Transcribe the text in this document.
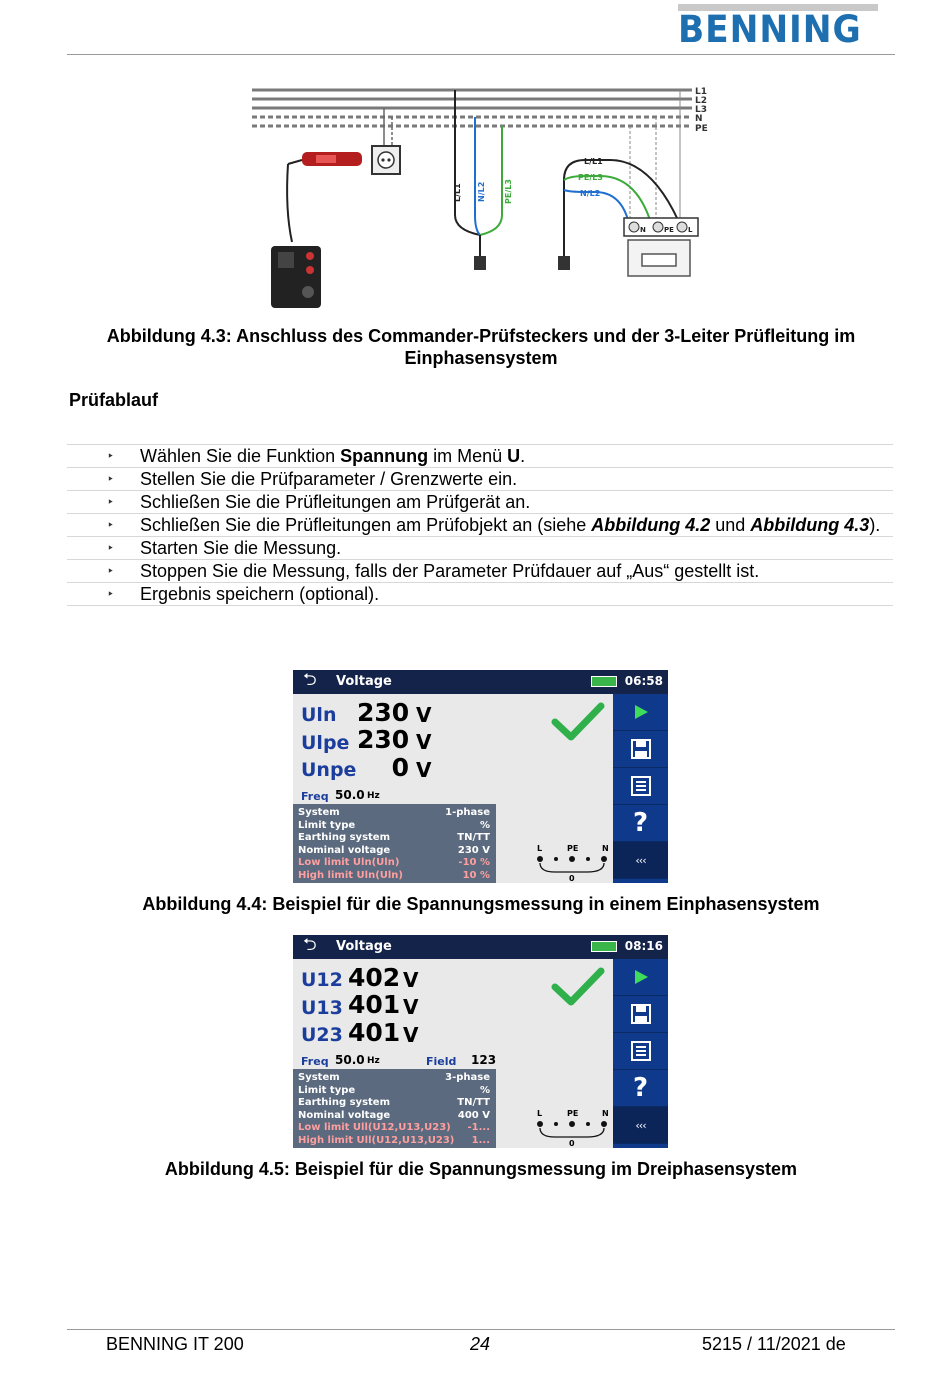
BENNING
L1
L2
L3
N
PE
L/L1 N/L2 PE/L3
L/L1
PE/L3
N/L2
N	PE L
Abbildung 4.3: Anschluss des Commander-Prüfsteckers und der 3-Leiter Prüfleitung im Einphasensystem
Prüfablauf
‣ Wählen Sie die Funktion Spannung im Menü U.
‣ Stellen Sie die Prüfparameter / Grenzwerte ein.
‣ Schließen Sie die Prüfleitungen am Prüfgerät an.
‣ Schließen Sie die Prüfleitungen am Prüfobjekt an (siehe Abbildung 4.2 und Abbildung 4.3).
‣ Starten Sie die Messung.
‣ Stoppen Sie die Messung, falls der Parameter Prüfdauer auf „Aus“ gestellt ist.
‣ Ergebnis speichern (optional).
⮌ Voltage	06:58
Uln 230 V
Ulpe 230 V
Unpe	0 V
Freq 50.0 Hz
System	1-phase
Limit type	%
Earthing system	TN/TT
Nominal voltage	230 V
Low limit Uln(Uln)	-10 %
High limit Uln(Uln)	10 %
L	PE	N
0
?
‹‹‹
Abbildung 4.4: Beispiel für die Spannungsmessung in einem Einphasensystem
⮌ Voltage	08:16
U12 402 V
U13 401 V
U23 401 V
Freq 50.0 Hz	Field 123
System	3-phase
Limit type	%
Earthing system	TN/TT
Nominal voltage	400 V
Low limit Ull(U12,U13,U23) -1...
High limit Ull(U12,U13,U23) 1...
L	PE	N
0
?
‹‹‹
Abbildung 4.5: Beispiel für die Spannungsmessung im Dreiphasensystem
BENNING IT 200	24	5215 / 11/2021 de
